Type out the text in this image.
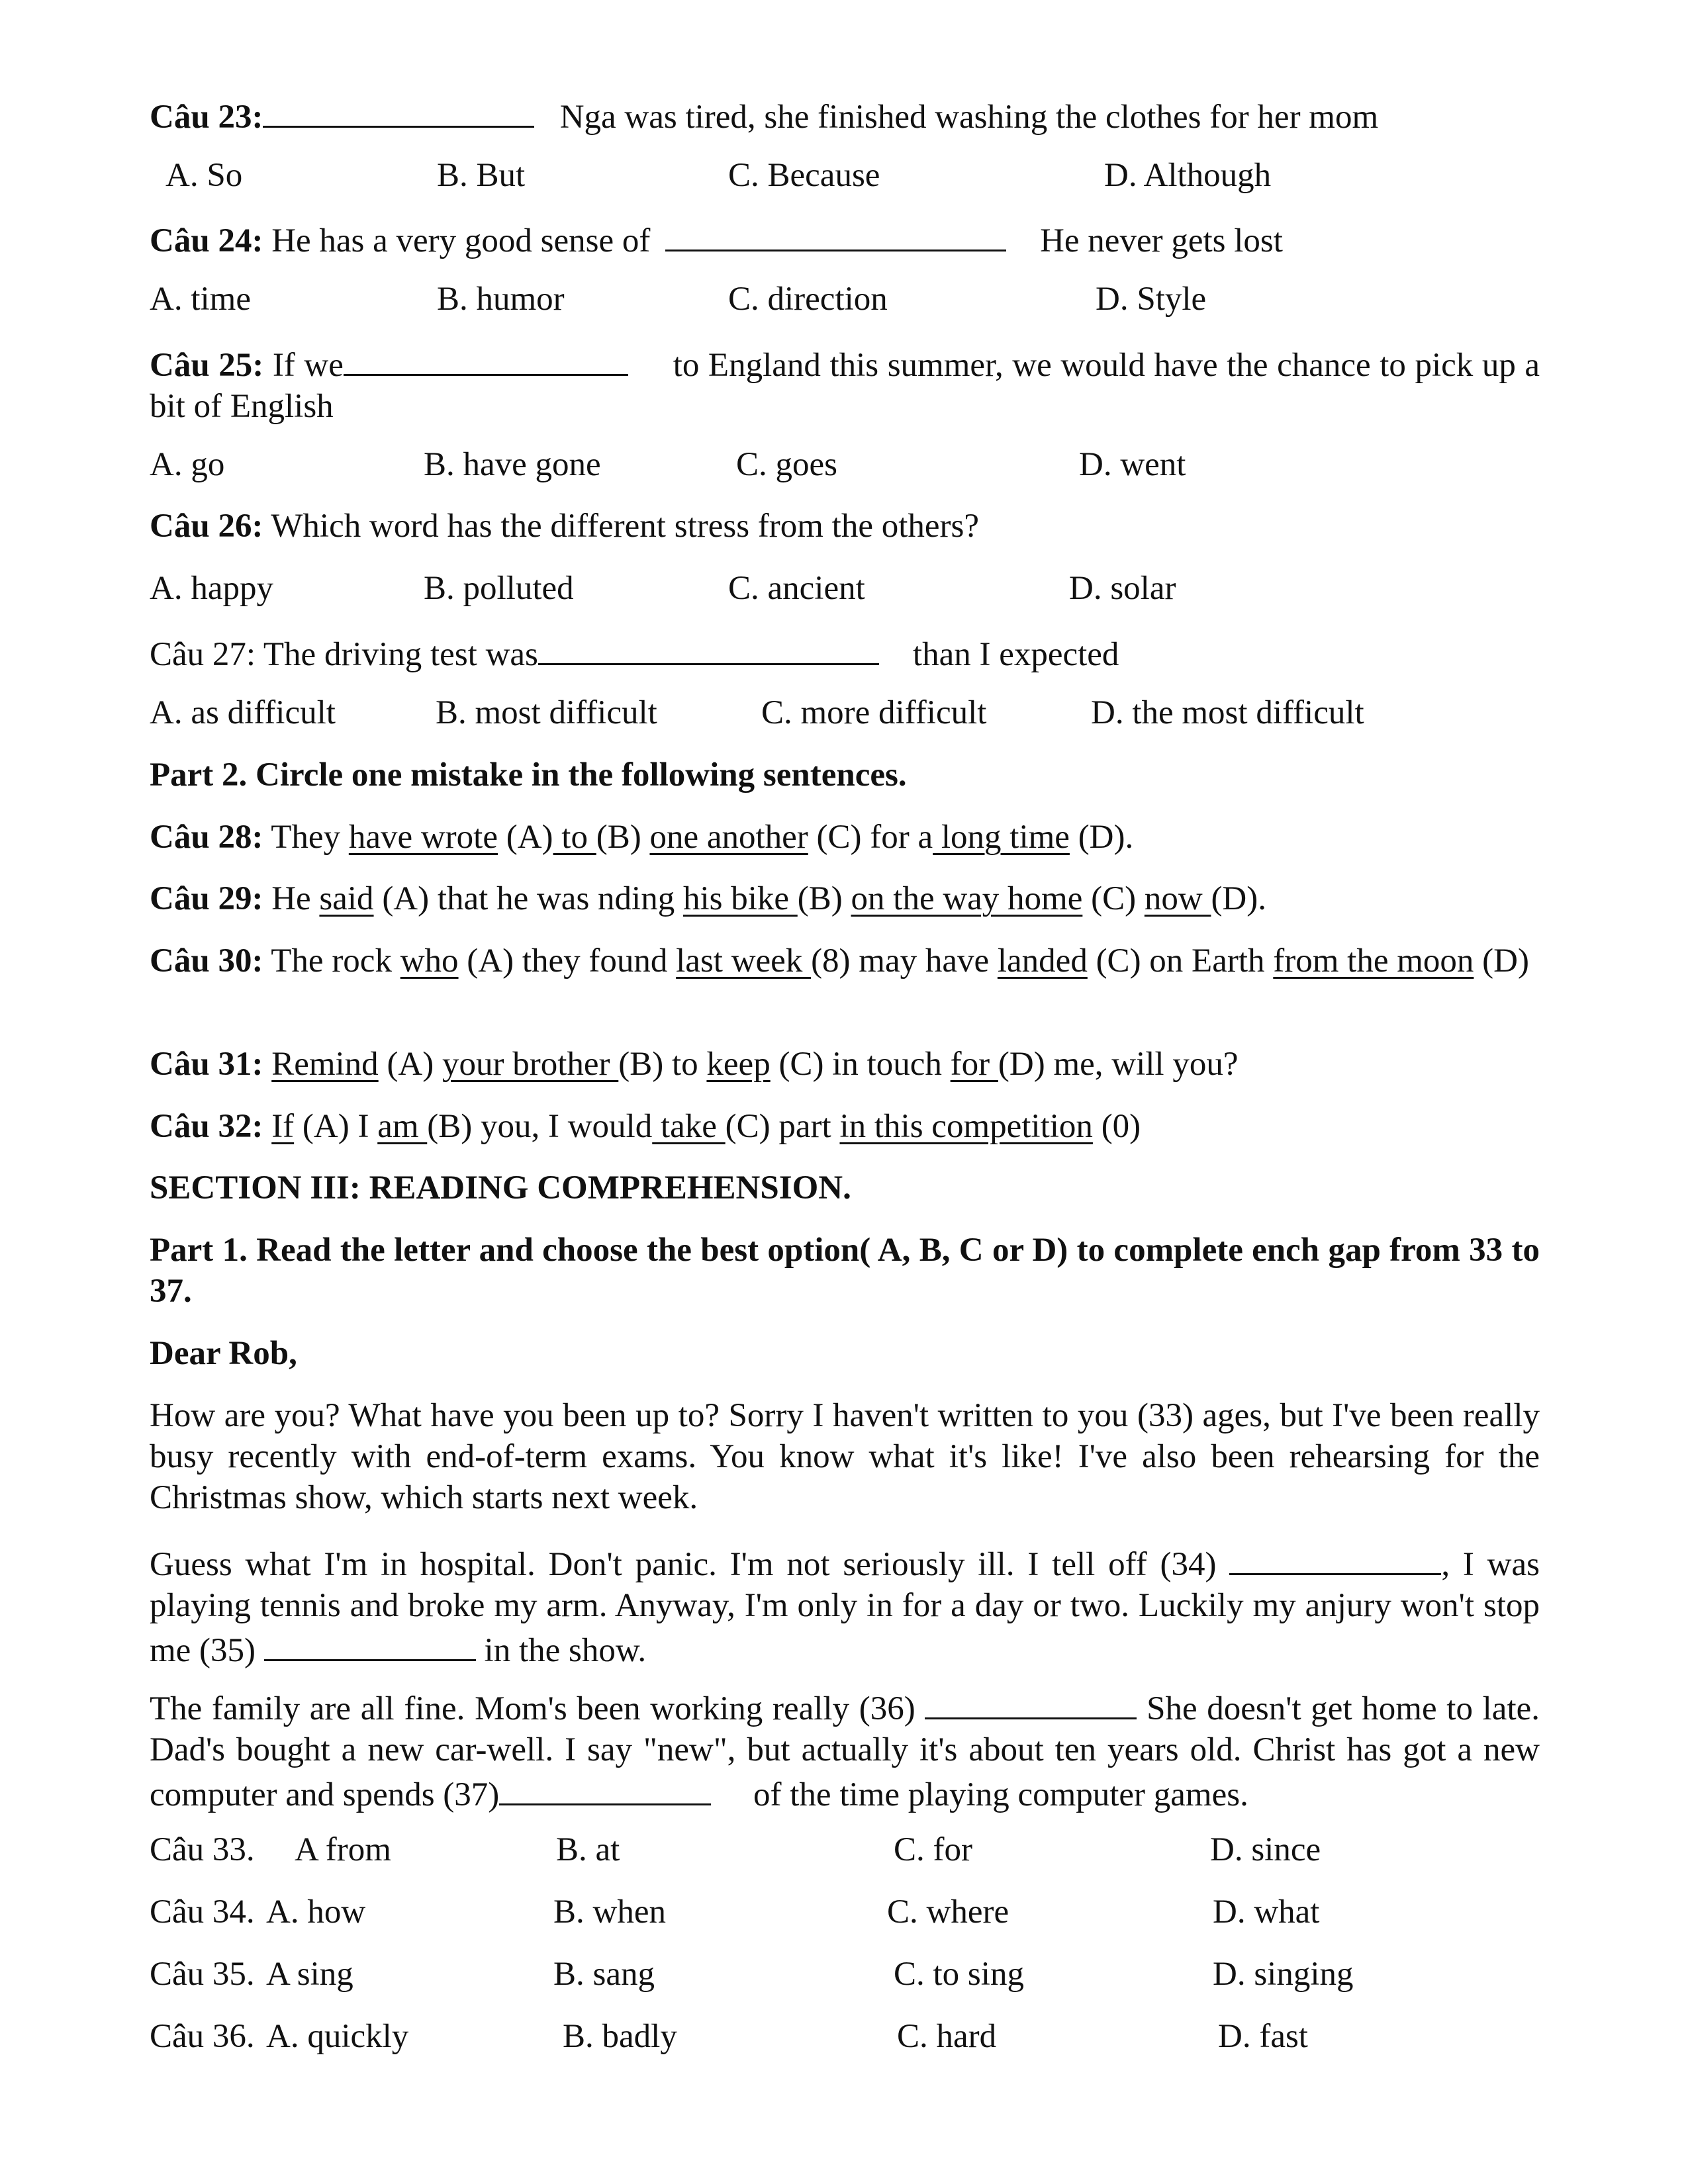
Câu 23:	Nga was tired, she finished washing the clothes for her mom
A. So	B. But	C. Because	D. Although
Câu 24: He has a very good sense of	He never gets lost
A. time	B. humor	C. direction	D. Style
Câu 25: If we	to England this summer, we would have the chance to pick up a bit of English
A. go	B. have gone	C. goes	D. went
Câu 26: Which word has the different stress from the others?
A. happy	B. polluted	C. ancient	D. solar
Câu 27: The driving test was	than I expected
A. as difficult	B. most difficult	C. more difficult	D. the most difficult
Part 2. Circle one mistake in the following sentences.
Câu 28: They have wrote (A) to (B) one another (C) for a long time (D).
Câu 29: He said (A) that he was nding his bike (B) on the way home (C) now (D).
Câu 30: The rock who (A) they found last week (8) may have landed (C) on Earth from the moon (D)
Câu 31: Remind (A) your brother (B) to keep (C) in touch for (D) me, will you?
Câu 32: If (A) I am (B) you, I would take (C) part in this competition (0)
SECTION III: READING COMPREHENSION.
Part 1. Read the letter and choose the best option( A, B, C or D) to complete ench gap from 33 to 37.
Dear Rob,
How are you? What have you been up to? Sorry I haven't written to you (33) ages, but I've been really busy recently with end-of-term exams. You know what it's like! I've also been rehearsing for the Christmas show, which starts next week.
Guess what I'm in hospital. Don't panic. I'm not seriously ill. I tell off (34)	, I was playing tennis and broke my arm. Anyway, I'm only in for a day or two. Luckily my anjury won't stop me (35)	in the show.
The family are all fine. Mom's been working really (36)	She doesn't get home to late. Dad's bought a new car-well. I say "new", but actually it's about ten years old. Christ has got a new computer and spends (37)	of the time playing computer games.
Câu 33. A from	B. at	C. for	D. since
Câu 34. A. how	B. when	C. where	D. what
Câu 35. A sing	B. sang	C. to sing	D. singing
Câu 36. A. quickly	B. badly	C. hard	D. fast
